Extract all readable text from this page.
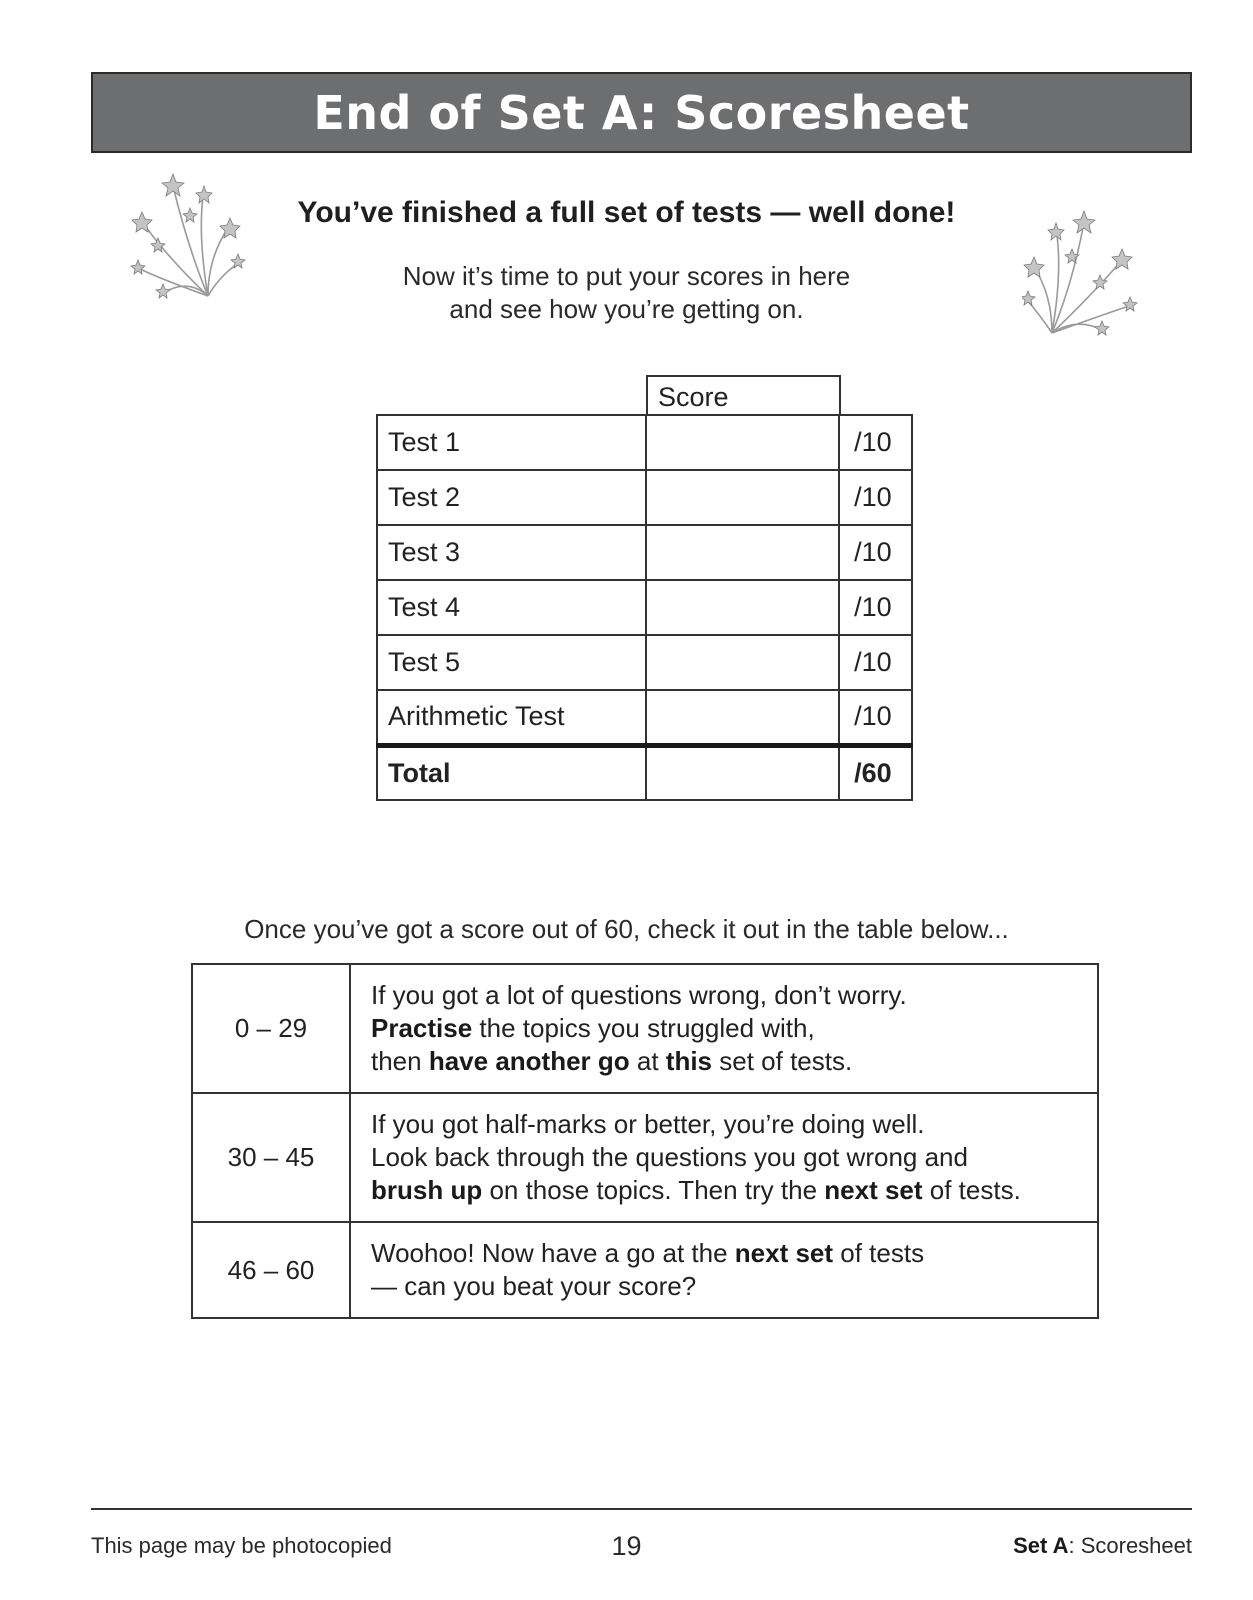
End of Set A: Scoresheet
You’ve finished a full set of tests — well done!
Now it’s time to put your scores in here
and see how you’re getting on.
Score
Test 1		/10
Test 2		/10
Test 3		/10
Test 4		/10
Test 5		/10
Arithmetic Test		/10
Total		/60
Once you’ve got a score out of 60, check it out in the table below...
0 – 29	If you got a lot of questions wrong, don’t worry.
Practise the topics you struggled with,
then have another go at this set of tests.

30 – 45	If you got half-marks or better, you’re doing well.
Look back through the questions you got wrong and
brush up on those topics. Then try the next set of tests.

46 – 60	Woohoo! Now have a go at the next set of tests
— can you beat your score?
This page may be photocopied	19	Set A: Scoresheet
